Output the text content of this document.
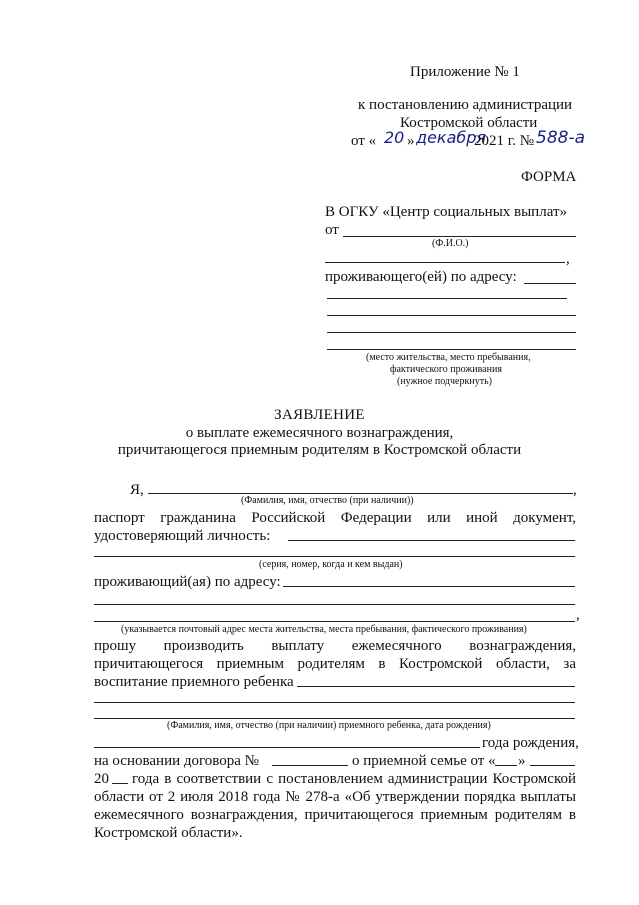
Приложение № 1
к постановлению администрации
Костромской области
от « 20 » декабря
2021 г. № 588-а
ФОРМА
В ОГКУ «Центр социальных выплат»
от
(Ф.И.О.)
,
проживающего(ей) по адресу:
(место жительства, место пребывания,
фактического проживания
(нужное подчеркнуть)
ЗАЯВЛЕНИЕ
о выплате ежемесячного вознаграждения,
причитающегося приемным родителям в Костромской области
Я,	,
(Фамилия, имя, отчество (при наличии))
паспорт гражданина Российской Федерации или иной документ,
удостоверяющий личность:
(серия, номер, когда и кем выдан)
проживающий(ая) по адресу:
,
(указывается почтовый адрес места жительства, места пребывания, фактического проживания)
прошу производить выплату ежемесячного вознаграждения,
причитающегося приемным родителям в Костромской области, за
воспитание приемного ребенка
(Фамилия, имя, отчество (при наличии) приемного ребенка, дата рождения)
года рождения,
на основании договора №	о приемной семье от « »
20 года в соответствии с постановлением администрации Костромской
области от 2 июля 2018 года № 278-а «Об утверждении порядка выплаты
ежемесячного вознаграждения, причитающегося приемным родителям в
Костромской области».
